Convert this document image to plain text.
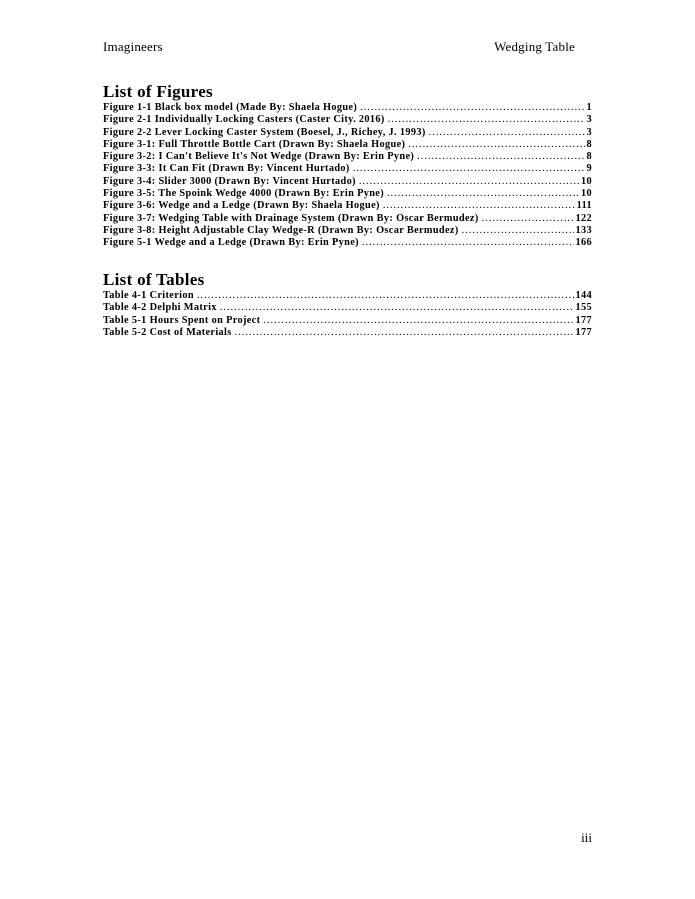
Imagineers	Wedging Table
List of Figures
Figure 1-1 Black box model (Made By: Shaela Hogue) .....	1
Figure 2-1 Individually Locking Casters (Caster City. 2016) .....	3
Figure 2-2 Lever Locking Caster System (Boesel, J., Richey, J. 1993) .....	3
Figure 3-1: Full Throttle Bottle Cart (Drawn By: Shaela Hogue) .....	8
Figure 3-2: I Can't Believe It's Not Wedge (Drawn By: Erin Pyne) .....	8
Figure 3-3: It Can Fit (Drawn By: Vincent Hurtado) .....	9
Figure 3-4: Slider 3000 (Drawn By: Vincent Hurtado) .....	10
Figure 3-5: The Spoink Wedge 4000 (Drawn By: Erin Pyne) .....	10
Figure 3-6: Wedge and a Ledge (Drawn By: Shaela Hogue) .....	111
Figure 3-7: Wedging Table with Drainage System (Drawn By: Oscar Bermudez) .....	122
Figure 3-8: Height Adjustable Clay Wedge-R (Drawn By: Oscar Bermudez) .....	133
Figure 5-1 Wedge and a Ledge (Drawn By: Erin Pyne) .....	166
List of Tables
Table 4-1 Criterion .....	144
Table 4-2 Delphi Matrix .....	155
Table 5-1 Hours Spent on Project .....	177
Table 5-2 Cost of Materials .....	177
iii
